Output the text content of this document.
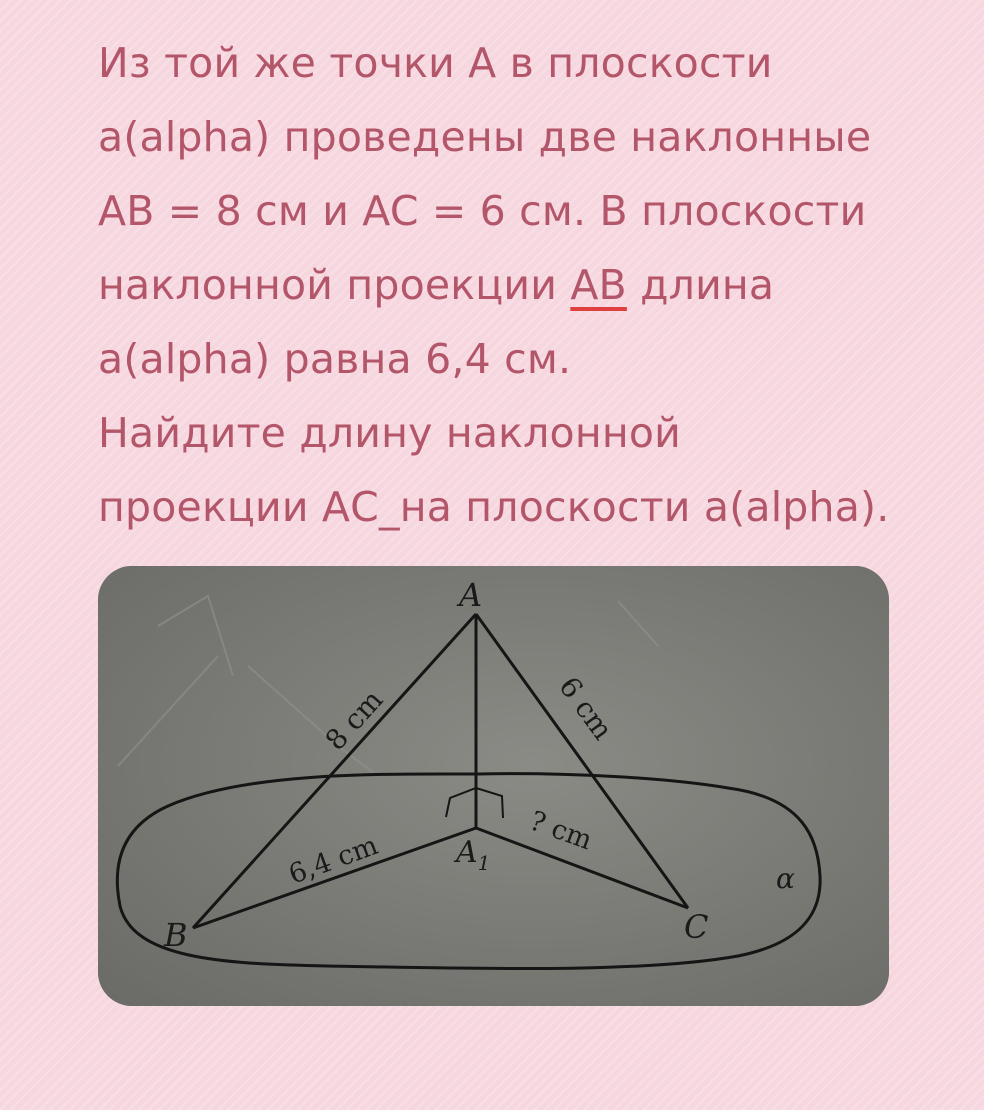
Из той же точки А в плоскости
a(alpha) проведены две наклонные
AB = 8 см и AC = 6 см. В плоскости
наклонной проекции АВ длина
a(alpha) равна 6,4 см.
Найдите длину наклонной
проекции АС_на плоскости a(alpha).
A
$A_1$
B	C
α
8 cm	6 cm
6,4 cm	? cm
